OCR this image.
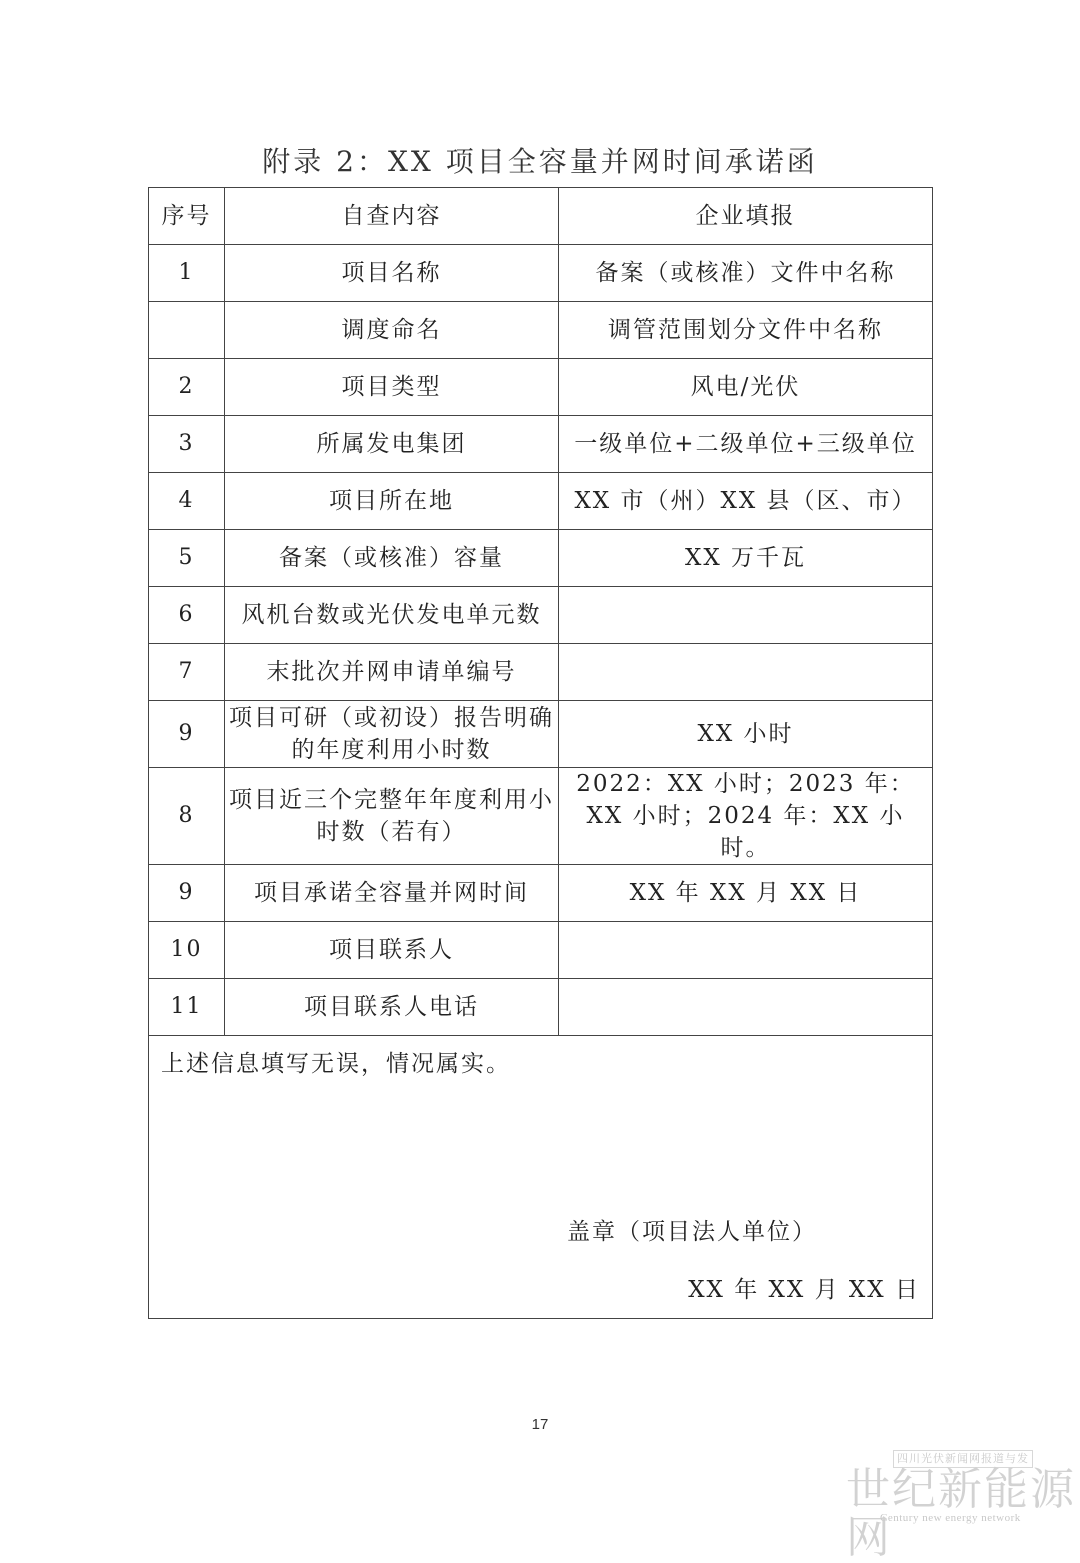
附录 2：XX 项目全容量并网时间承诺函
序号	自查内容	企业填报
1	项目名称	备案（或核准）文件中名称
	调度命名	调管范围划分文件中名称
2	项目类型	风电/光伏
3	所属发电集团	一级单位+二级单位+三级单位
4	项目所在地	XX 市（州）XX 县（区、市）
5	备案（或核准）容量	XX 万千瓦
6	风机台数或光伏发电单元数	
7	末批次并网申请单编号	
9	项目可研（或初设）报告明确的年度利用小时数	XX 小时
8	项目近三个完整年年度利用小时数（若有）	2022：XX 小时；2023 年：XX 小时；2024 年：XX 小时。
9	项目承诺全容量并网时间	XX 年 XX 月 XX 日
10	项目联系人	
11	项目联系人电话	

上述信息填写无误，情况属实。
盖章（项目法人单位）
XX 年 XX 月 XX 日		
17
四川光伏新闻网报道与发
世纪新能源网
Century new energy network
